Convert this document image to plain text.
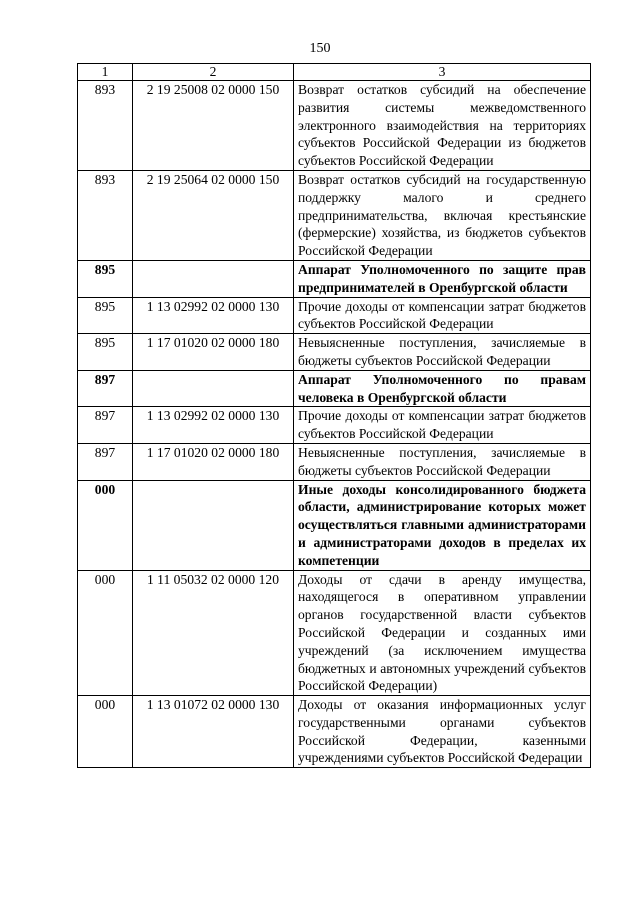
150
1	2	3
893	2 19 25008 02 0000 150	Возврат остатков субсидий на обеспечение развития системы межведомственного электронного взаимодействия на территориях субъектов Российской Федерации из бюджетов субъектов Российской Федерации
893	2 19 25064 02 0000 150	Возврат остатков субсидий на государственную поддержку малого и среднего предпринимательства, включая крестьянские (фермерские) хозяйства, из бюджетов субъектов Российской Федерации
895		Аппарат Уполномоченного по защите прав предпринимателей в Оренбургской области
895	1 13 02992 02 0000 130	Прочие доходы от компенсации затрат бюджетов субъектов Российской Федерации
895	1 17 01020 02 0000 180	Невыясненные поступления, зачисляемые в бюджеты субъектов Российской Федерации
897		Аппарат Уполномоченного по правам человека в Оренбургской области
897	1 13 02992 02 0000 130	Прочие доходы от компенсации затрат бюджетов субъектов Российской Федерации
897	1 17 01020 02 0000 180	Невыясненные поступления, зачисляемые в бюджеты субъектов Российской Федерации
000		Иные доходы консолидированного бюджета области, администрирование которых может осуществляться главными администраторами и администраторами доходов в пределах их компетенции
000	1 11 05032 02 0000 120	Доходы от сдачи в аренду имущества, находящегося в оперативном управлении органов государственной власти субъектов Российской Федерации и созданных ими учреждений (за исключением имущества бюджетных и автономных учреждений субъектов Российской Федерации)
000	1 13 01072 02 0000 130	Доходы от оказания информационных услуг государственными органами субъектов Российской Федерации, казенными учреждениями субъектов Российской Федерации
